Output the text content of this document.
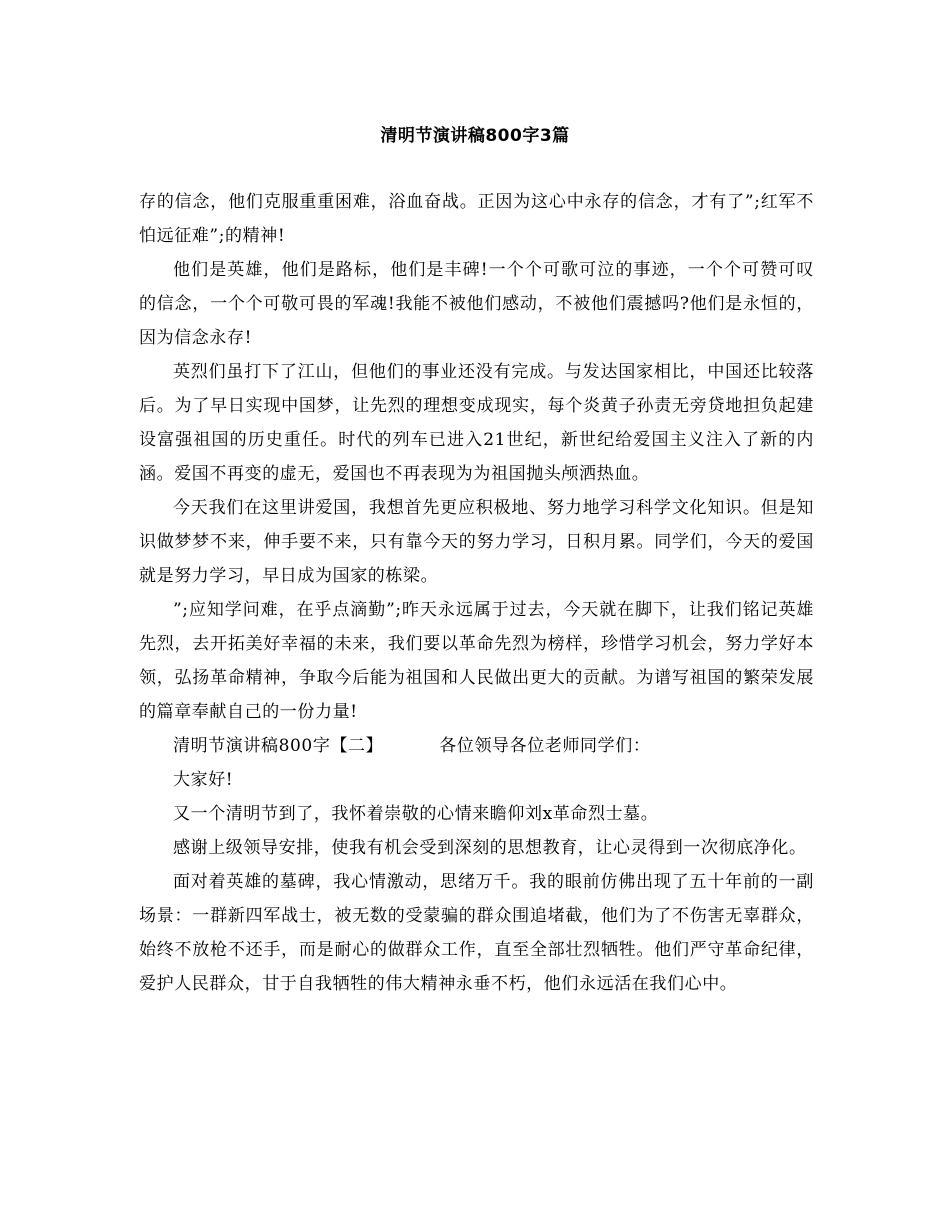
清明节演讲稿800字3篇

存的信念，他们克服重重困难，浴血奋战。正因为这心中永存的信念，才有了”;红军不怕远征难”;的精神!

他们是英雄，他们是路标，他们是丰碑!一个个可歌可泣的事迹，一个个可赞可叹的信念，一个个可敬可畏的军魂!我能不被他们感动，不被他们震撼吗?他们是永恒的，因为信念永存!

英烈们虽打下了江山，但他们的事业还没有完成。与发达国家相比，中国还比较落后。为了早日实现中国梦，让先烈的理想变成现实，每个炎黄子孙责无旁贷地担负起建设富强祖国的历史重任。时代的列车已进入21世纪，新世纪给爱国主义注入了新的内涵。爱国不再变的虚无，爱国也不再表现为为祖国抛头颅洒热血。

今天我们在这里讲爱国，我想首先更应积极地、努力地学习科学文化知识。但是知识做梦梦不来，伸手要不来，只有靠今天的努力学习，日积月累。同学们，今天的爱国就是努力学习，早日成为国家的栋梁。

”;应知学问难，在乎点滴勤”;昨天永远属于过去，今天就在脚下，让我们铭记英雄先烈，去开拓美好幸福的未来，我们要以革命先烈为榜样，珍惜学习机会，努力学好本领，弘扬革命精神，争取今后能为祖国和人民做出更大的贡献。为谱写祖国的繁荣发展的篇章奉献自己的一份力量!

清明节演讲稿800字【二】	各位领导各位老师同学们：

大家好!

又一个清明节到了，我怀着崇敬的心情来瞻仰刘x革命烈士墓。

感谢上级领导安排，使我有机会受到深刻的思想教育，让心灵得到一次彻底净化。

面对着英雄的墓碑，我心情激动，思绪万千。我的眼前仿佛出现了五十年前的一副场景：一群新四军战士，被无数的受蒙骗的群众围追堵截，他们为了不伤害无辜群众，始终不放枪不还手，而是耐心的做群众工作，直至全部壮烈牺牲。他们严守革命纪律，爱护人民群众，甘于自我牺牲的伟大精神永垂不朽，他们永远活在我们心中。
